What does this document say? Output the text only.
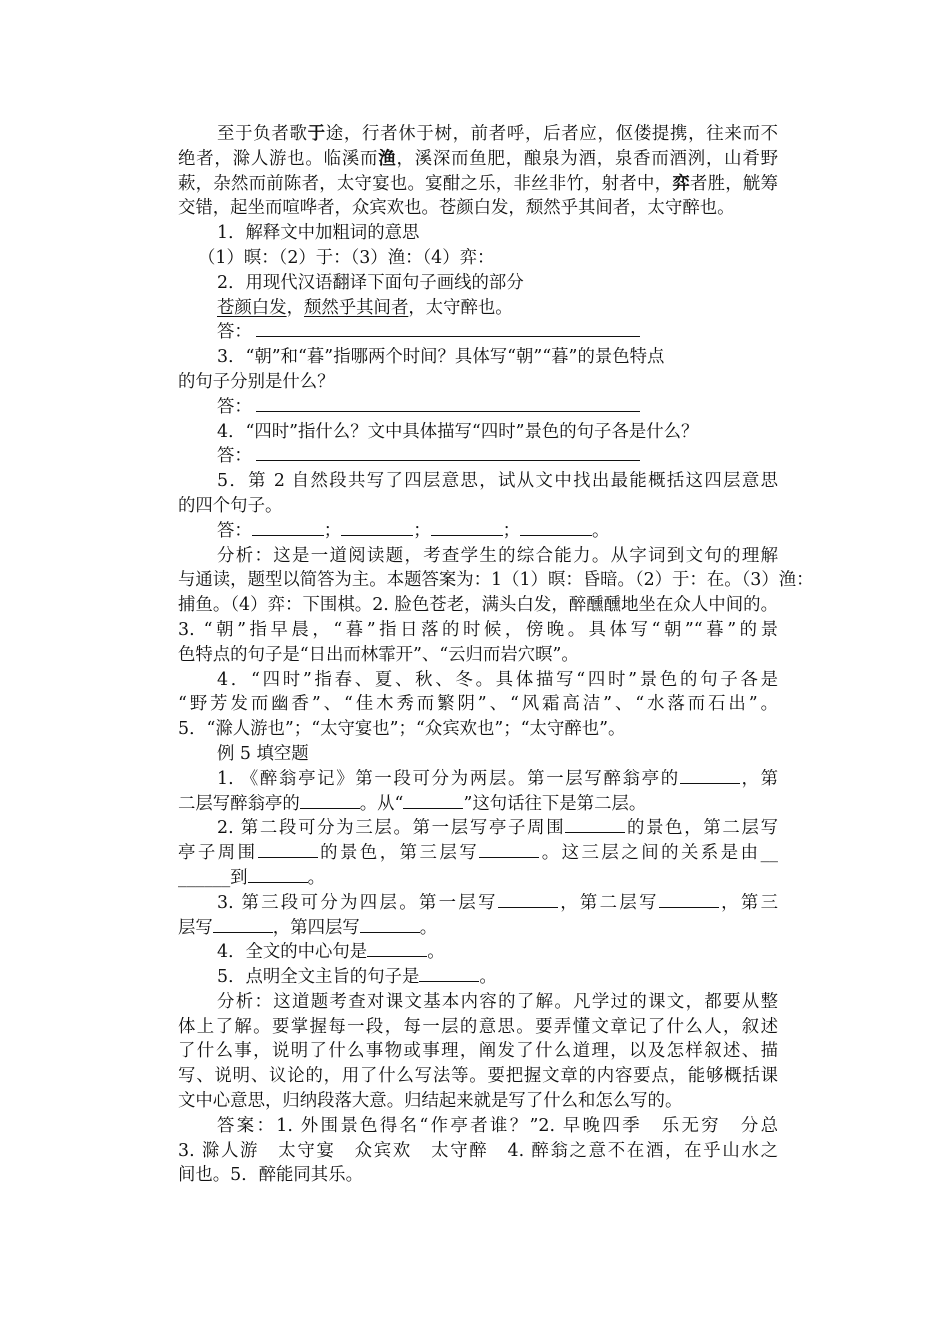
至于负者歌于途，行者休于树，前者呼，后者应，伛偻提携，往来而不
绝者，滁人游也。临溪而渔，溪深而鱼肥，酿泉为酒，泉香而酒洌，山肴野
蔌，杂然而前陈者，太守宴也。宴酣之乐，非丝非竹，射者中，弈者胜，觥筹
交错，起坐而喧哗者，众宾欢也。苍颜白发，颓然乎其间者，太守醉也。
1．解释文中加粗词的意思
（1）暝：（2）于：（3）渔：（4）弈：
2．用现代汉语翻译下面句子画线的部分
苍颜白发，颓然乎其间者，太守醉也。
答：
3．“朝”和“暮”指哪两个时间？具体写“朝”“暮”的景色特点
的句子分别是什么？
答：
4．“四时”指什么？文中具体描写“四时”景色的句子各是什么？
答：
5．第 2 自然段共写了四层意思，试从文中找出最能概括这四层意思
的四个句子。
答：	；	；	；	。
分析：这是一道阅读题，考查学生的综合能力。从字词到文句的理解
与通读，题型以简答为主。本题答案为：1（1）暝：昏暗。（2）于：在。（3）渔：
捕鱼。（4）弈：下围棋。2. 脸色苍老，满头白发，醉醺醺地坐在众人中间的。
3. “朝”指早晨，“暮”指日落的时候，傍晚。具体写“朝”“暮”的景
色特点的句子是“日出而林霏开”、“云归而岩穴暝”。
4．“四时”指春、夏、秋、冬。具体描写“四时”景色的句子各是
“野芳发而幽香”、“佳木秀而繁阴”、“风霜高洁”、“水落而石出”。
5．“滁人游也”；“太守宴也”；“众宾欢也”；“太守醉也”。
例 5 填空题
1. 《醉翁亭记》第一段可分为两层。第一层写醉翁亭的	，第
二层写醉翁亭的	。从“	”这句话往下是第二层。
2. 第二段可分为三层。第一层写亭子周围	的景色，第二层写
亭子周围	的景色，第三层写	。这三层之间的关系是由__
______到	。
3. 第三段可分为四层。第一层写	，第二层写	，第三
层写	，第四层写	。
4．全文的中心句是	。
5．点明全文主旨的句子是	。
分析：这道题考查对课文基本内容的了解。凡学过的课文，都要从整
体上了解。要掌握每一段，每一层的意思。要弄懂文章记了什么人，叙述
了什么事，说明了什么事物或事理，阐发了什么道理，以及怎样叙述、描
写、说明、议论的，用了什么写法等。要把握文章的内容要点，能够概括课
文中心意思，归纳段落大意。归结起来就是写了什么和怎么写的。
答案：1. 外围景色得名“作亭者谁？”2. 早晚四季　乐无穷　分总
3. 滁人游　太守宴　众宾欢　太守醉　4. 醉翁之意不在酒，在乎山水之
间也。5．醉能同其乐。
